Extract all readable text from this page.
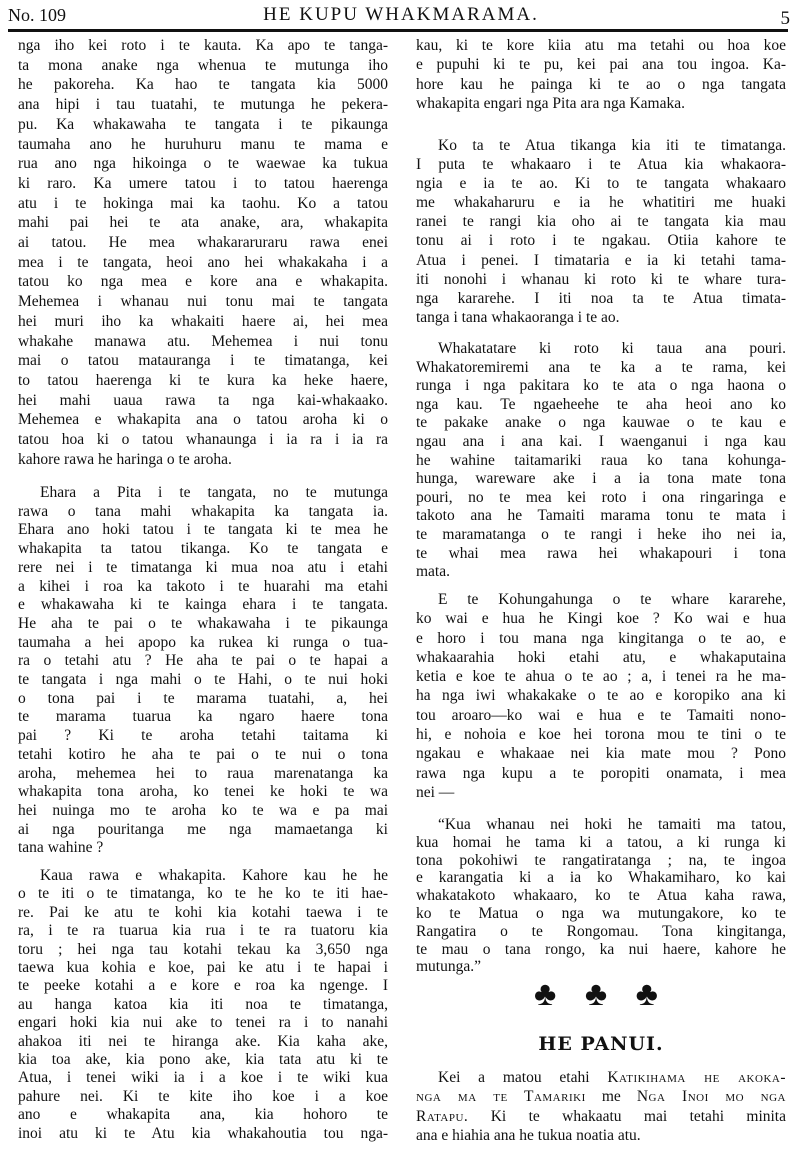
No. 109	HE KUPU WHAKMARAMA.	5
nga iho kei roto i te kauta. Ka apo te tanga-
ta mona anake nga whenua te mutunga iho
he pakoreha. Ka hao te tangata kia 5000
ana hipi i tau tuatahi, te mutunga he pekera-
pu. Ka whakawaha te tangata i te pikaunga
taumaha ano he huruhuru manu te mama e
rua ano nga hikoinga o te waewae ka tukua
ki raro. Ka umere tatou i to tatou haerenga
atu i te hokinga mai ka taohu. Ko a tatou
mahi pai hei te ata anake, ara, whakapita
ai tatou. He mea whakararuraru rawa enei
mea i te tangata, heoi ano hei whakakaha i a
tatou ko nga mea e kore ana e whakapita.
Mehemea i whanau nui tonu mai te tangata
hei muri iho ka whakaiti haere ai, hei mea
whakahe manawa atu. Mehemea i nui tonu
mai o tatou matauranga i te timatanga, kei
to tatou haerenga ki te kura ka heke haere,
hei mahi uaua rawa ta nga kai-whakaako.
Mehemea e whakapita ana o tatou aroha ki o
tatou hoa ki o tatou whanaunga i ia ra i ia ra
kahore rawa he haringa o te aroha.
Ehara a Pita i te tangata, no te mutunga
rawa o tana mahi whakapita ka tangata ia.
Ehara ano hoki tatou i te tangata ki te mea he
whakapita ta tatou tikanga. Ko te tangata e
rere nei i te timatanga ki mua noa atu i etahi
a kihei i roa ka takoto i te huarahi ma etahi
e whakawaha ki te kainga ehara i te tangata.
He aha te pai o te whakawaha i te pikaunga
taumaha a hei apopo ka rukea ki runga o tua-
ra o tetahi atu ? He aha te pai o te hapai a
te tangata i nga mahi o te Hahi, o te nui hoki
o tona pai i te marama tuatahi, a, hei
te marama tuarua ka ngaro haere tona
pai ? Ki te aroha tetahi taitama ki
tetahi kotiro he aha te pai o te nui o tona
aroha, mehemea hei to raua marenatanga ka
whakapita tona aroha, ko tenei ke hoki te wa
hei nuinga mo te aroha ko te wa e pa mai
ai nga pouritanga me nga mamaetanga ki
tana wahine ?
Kaua rawa e whakapita. Kahore kau he he
o te iti o te timatanga, ko te he ko te iti hae-
re. Pai ke atu te kohi kia kotahi taewa i te
ra, i te ra tuarua kia rua i te ra tuatoru kia
toru ; hei nga tau kotahi tekau ka 3,650 nga
taewa kua kohia e koe, pai ke atu i te hapai i
te peeke kotahi a e kore e roa ka ngenge. I
au hanga katoa kia iti noa te timatanga,
engari hoki kia nui ake to tenei ra i to nanahi
ahakoa iti nei te hiranga ake. Kia kaha ake,
kia toa ake, kia pono ake, kia tata atu ki te
Atua, i tenei wiki ia i a koe i te wiki kua
pahure nei. Ki te kite iho koe i a koe
ano e whakapita ana, kia hohoro te
inoi atu ki te Atu kia whakahoutia tou nga-
kau, ki te kore kiia atu ma tetahi ou hoa koe
e pupuhi ki te pu, kei pai ana tou ingoa. Ka-
hore kau he painga ki te ao o nga tangata
whakapita engari nga Pita ara nga Kamaka.
Ko ta te Atua tikanga kia iti te timatanga.
I puta te whakaaro i te Atua kia whakaora-
ngia e ia te ao. Ki to te tangata whakaaro
me whakaharuru e ia he whatitiri me huaki
ranei te rangi kia oho ai te tangata kia mau
tonu ai i roto i te ngakau. Otiia kahore te
Atua i penei. I timataria e ia ki tetahi tama-
iti nonohi i whanau ki roto ki te whare tura-
nga kararehe. I iti noa ta te Atua timata-
tanga i tana whakaoranga i te ao.
Whakatatare ki roto ki taua ana pouri.
Whakatoremiremi ana te ka a te rama, kei
runga i nga pakitara ko te ata o nga haona o
nga kau. Te ngaeheehe te aha heoi ano ko
te pakake anake o nga kauwae o te kau e
ngau ana i ana kai. I waenganui i nga kau
he wahine taitamariki raua ko tana kohunga-
hunga, wareware ake i a ia tona mate tona
pouri, no te mea kei roto i ona ringaringa e
takoto ana he Tamaiti marama tonu te mata i
te maramatanga o te rangi i heke iho nei ia,
te whai mea rawa hei whakapouri i tona
mata.
E te Kohungahunga o te whare kararehe,
ko wai e hua he Kingi koe ? Ko wai e hua
e horo i tou mana nga kingitanga o te ao, e
whakaarahia hoki etahi atu, e whakaputaina
ketia e koe te ahua o te ao ; a, i tenei ra he ma-
ha nga iwi whakakake o te ao e koropiko ana ki
tou aroaro—ko wai e hua e te Tamaiti nono-
hi, e nohoia e koe hei torona mou te tini o te
ngakau e whakaae nei kia mate mou ? Pono
rawa nga kupu a te poropiti onamata, i mea
nei —
“Kua whanau nei hoki he tamaiti ma tatou,
kua homai he tama ki a tatou, a ki runga ki
tona pokohiwi te rangatiratanga ; na, te ingoa
e karangatia ki a ia ko Whakamiharo, ko kai
whakatakoto whakaaro, ko te Atua kaha rawa,
ko te Matua o nga wa mutungakore, ko te
Rangatira o te Rongomau. Tona kingitanga,
te mau o tana rongo, ka nui haere, kahore he
mutunga.”
♣ ♣ ♣
HE PANUI.
Kei a matou etahi Katikihama he akoka-
nga ma te Tamariki me Nga Inoi mo nga
Ratapu. Ki te whakaatu mai tetahi minita
ana e hiahia ana he tukua noatia atu.
